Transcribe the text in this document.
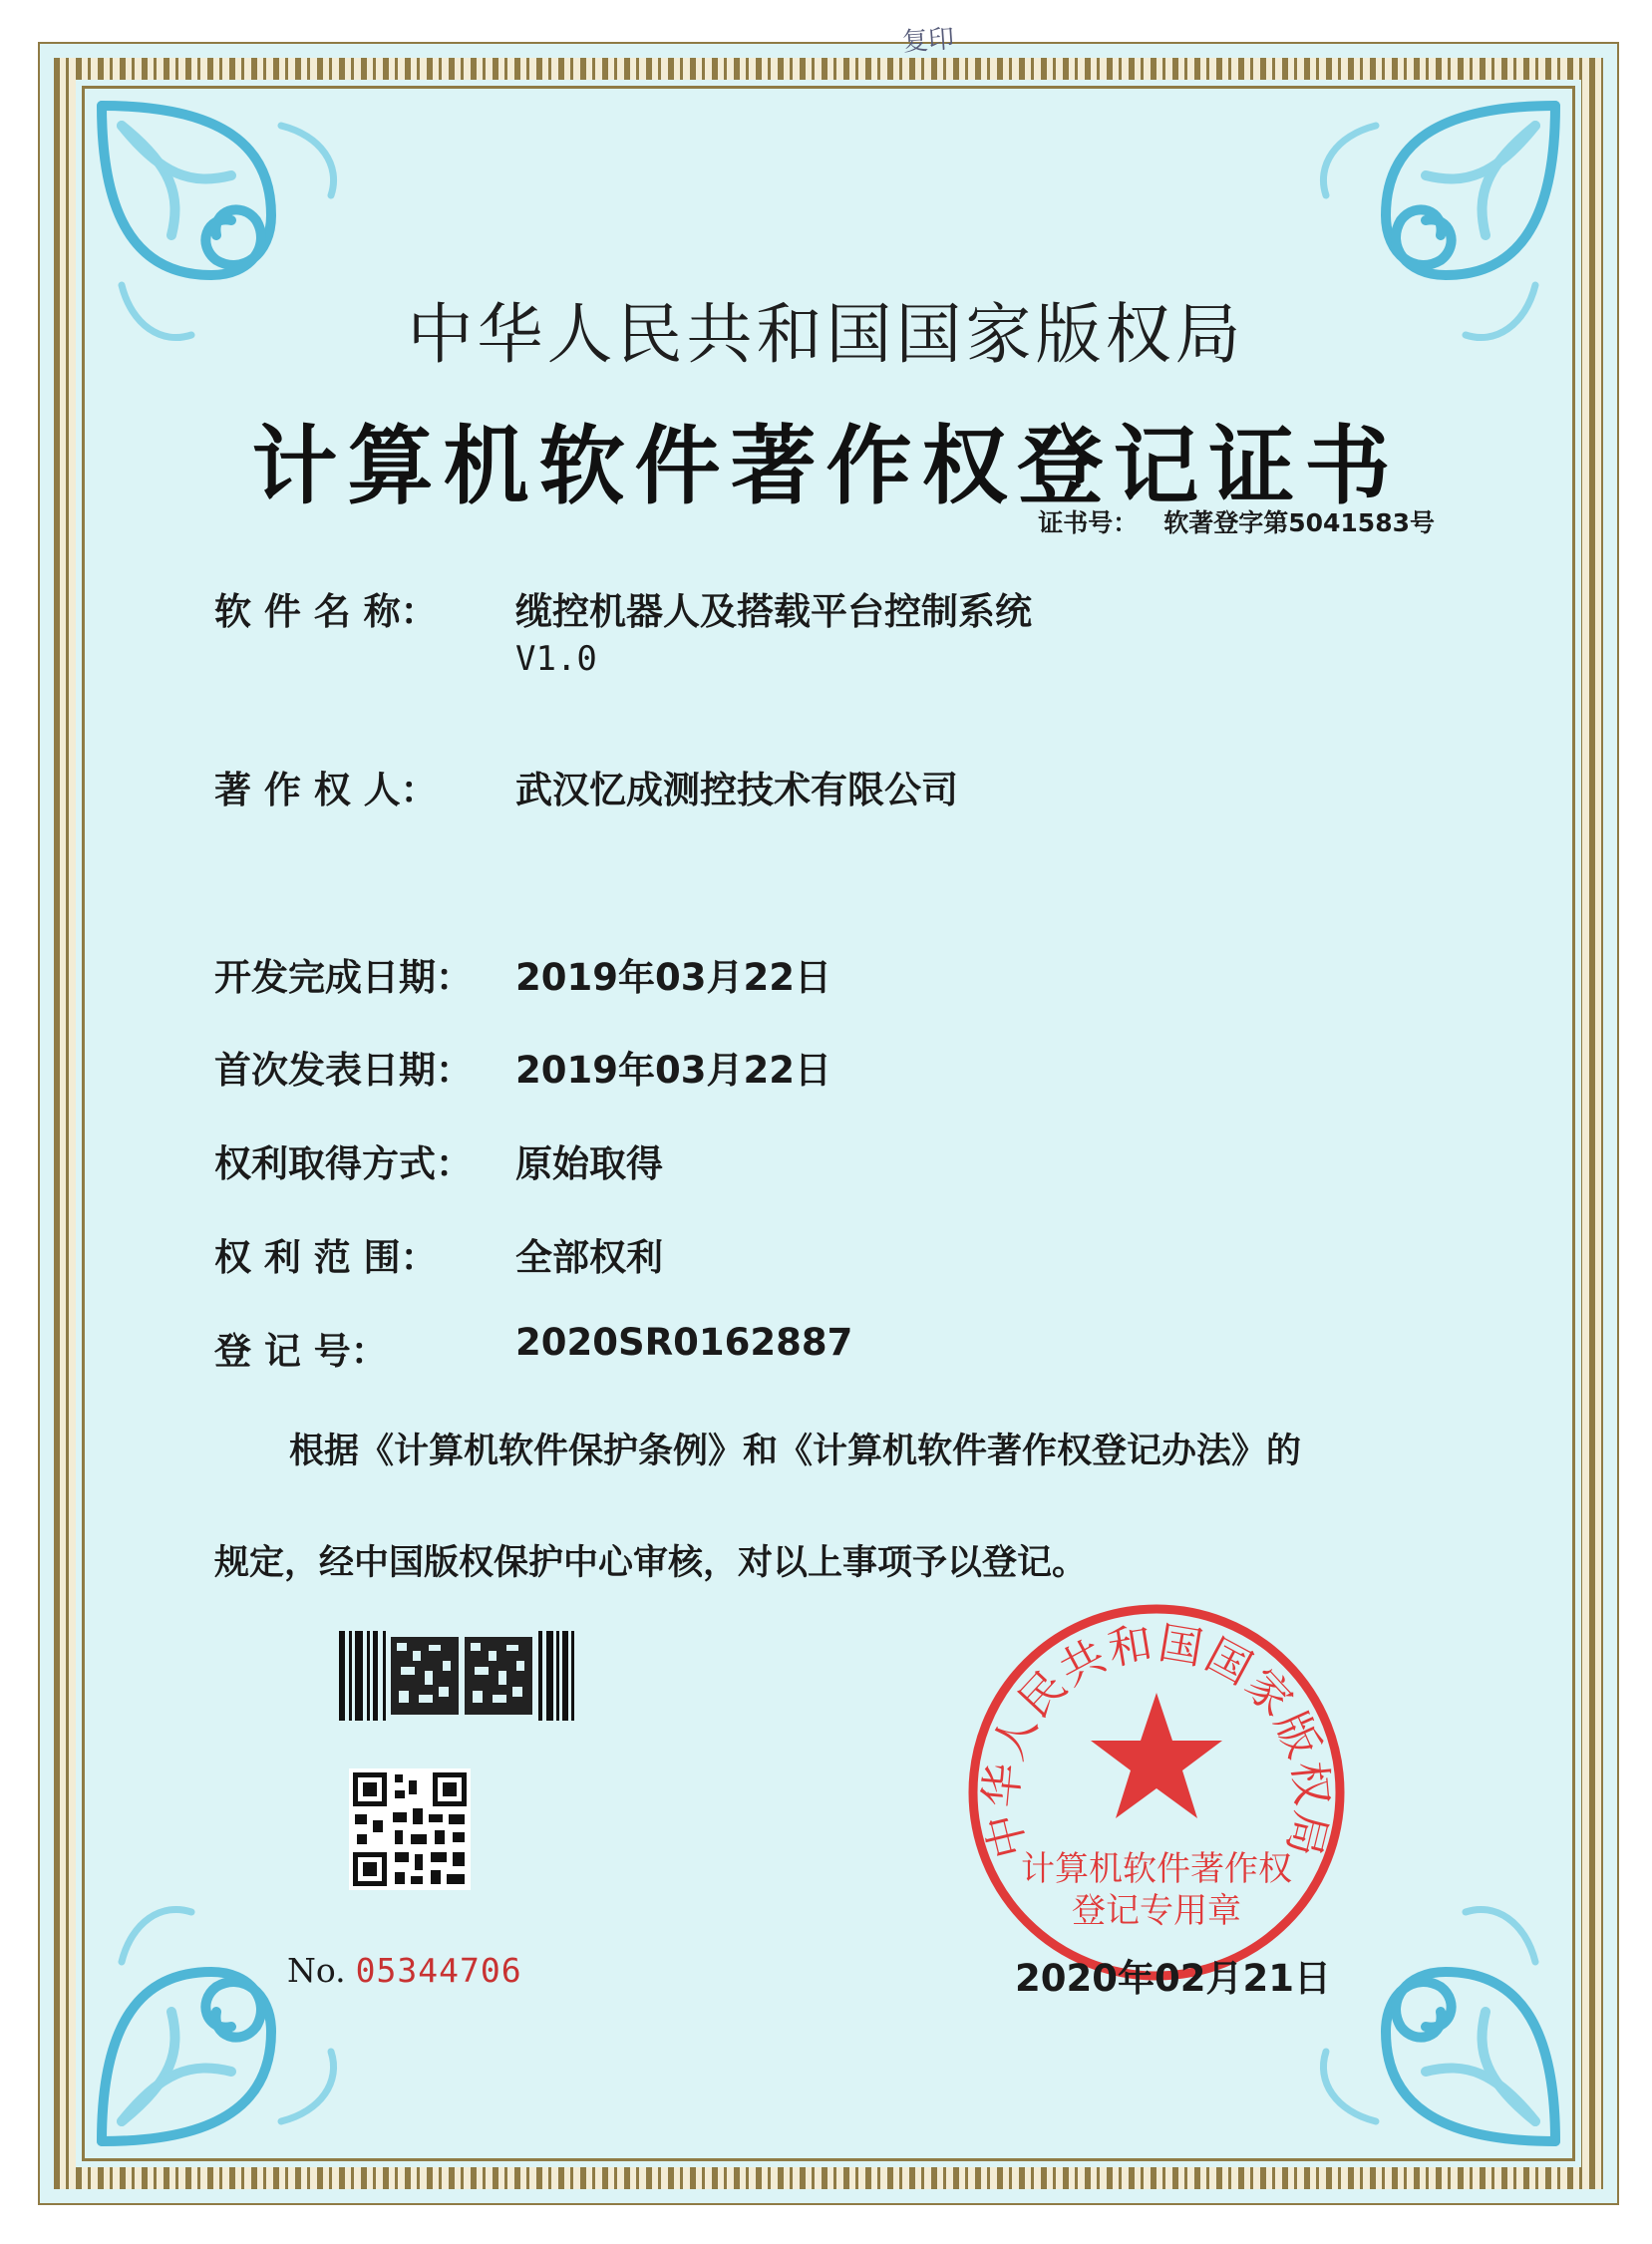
复印
中华人民共和国国家版权局
计算机软件著作权登记证书
证书号： 软著登字第5041583号
软 件 名 称： 缆控机器人及搭载平台控制系统
V1.0
著 作 权 人： 武汉忆成测控技术有限公司
开发完成日期： 2019年03月22日
首次发表日期： 2019年03月22日
权利取得方式： 原始取得
权 利 范 围： 全部权利
登 记 号：	2020SR0162887
根据《计算机软件保护条例》和《计算机软件著作权登记办法》的
规定，经中国版权保护中心审核，对以上事项予以登记。
No. 05344706
中华人民共和国国家版权局
计算机软件著作权
登记专用章
2020年02月21日
